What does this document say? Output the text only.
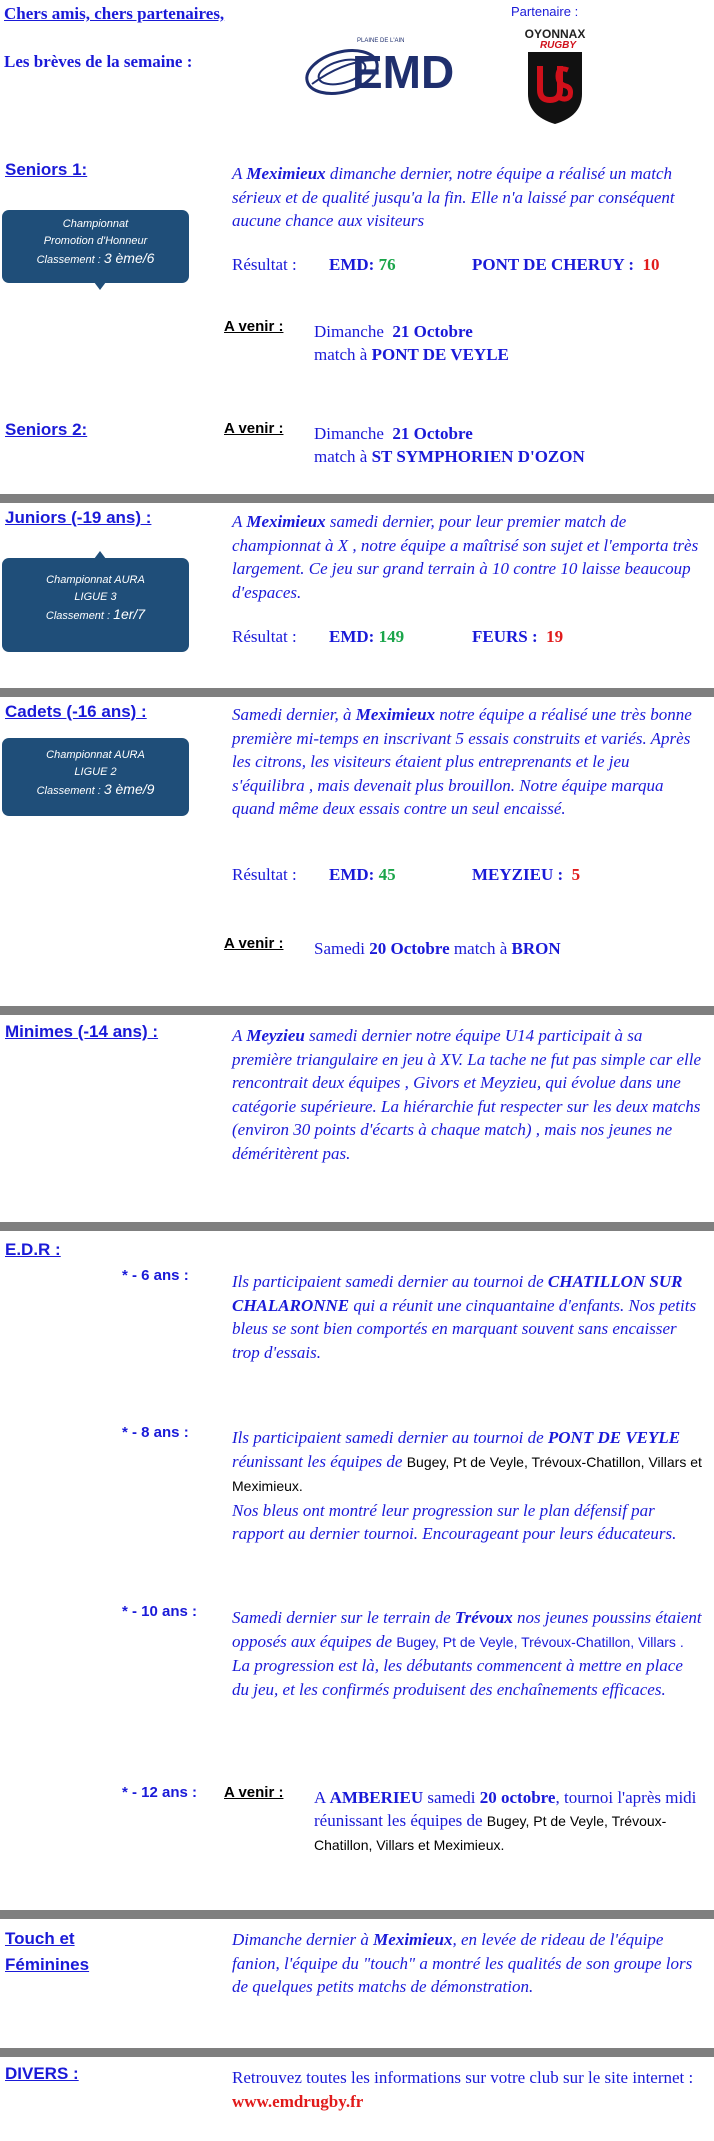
Chers amis, chers partenaires,
Les brèves de la semaine :
PLAINE DE L'AIN
EMD
Partenaire :
OYONNAX
RUGBY
Seniors 1:
Championnat
Promotion d'Honneur
Classement : 3 ème/6
A Meximieux dimanche dernier, notre équipe a réalisé un match sérieux et de qualité jusqu'a la fin. Elle n'a laissé par conséquent aucune chance aux visiteurs
Résultat : EMD: 76	PONT DE CHERUY : 10
A venir : Dimanche 21 Octobre
match à PONT DE VEYLE
Seniors 2:	A venir : Dimanche 21 Octobre
match à ST SYMPHORIEN D'OZON
Juniors (-19 ans) :
Championnat AURA
LIGUE 3
Classement : 1er/7
A Meximieux samedi dernier, pour leur premier match de championnat à X , notre équipe a maîtrisé son sujet et l'emporta très largement. Ce jeu sur grand terrain à 10 contre 10 laisse beaucoup d'espaces.
Résultat : EMD: 149	FEURS : 19
Cadets (-16 ans) :
Championnat AURA
LIGUE 2
Classement : 3 ème/9
Samedi dernier, à Meximieux notre équipe a réalisé une très bonne première mi-temps en inscrivant 5 essais construits et variés. Après les citrons, les visiteurs étaient plus entreprenants et le jeu s'équilibra , mais devenait plus brouillon. Notre équipe marqua quand même deux essais contre un seul encaissé.
Résultat : EMD: 45	MEYZIEU : 5
A venir : Samedi 20 Octobre match à BRON
Minimes (-14 ans) :	A Meyzieu samedi dernier notre équipe U14 participait à sa première triangulaire en jeu à XV. La tache ne fut pas simple car elle rencontrait deux équipes , Givors et Meyzieu, qui évolue dans une catégorie supérieure. La hiérarchie fut respecter sur les deux matchs (environ 30 points d'écarts à chaque match) , mais nos jeunes ne déméritèrent pas.
E.D.R :
* - 6 ans :	Ils participaient samedi dernier au tournoi de CHATILLON SUR CHALARONNE qui a réunit une cinquantaine d'enfants. Nos petits bleus se sont bien comportés en marquant souvent sans encaisser trop d'essais.
* - 8 ans :	Ils participaient samedi dernier au tournoi de PONT DE VEYLE réunissant les équipes de Bugey, Pt de Veyle, Trévoux-Chatillon, Villars et Meximieux.
Nos bleus ont montré leur progression sur le plan défensif par rapport au dernier tournoi. Encourageant pour leurs éducateurs.
* - 10 ans : Samedi dernier sur le terrain de Trévoux nos jeunes poussins étaient opposés aux équipes de Bugey, Pt de Veyle, Trévoux-Chatillon, Villars .
La progression est là, les débutants commencent à mettre en place du jeu, et les confirmés produisent des enchaînements efficaces.
* - 12 ans : A venir : A AMBERIEU samedi 20 octobre, tournoi l'après midi réunissant les équipes de Bugey, Pt de Veyle, Trévoux-Chatillon, Villars et Meximieux.
Touch et
Féminines
Dimanche dernier à Meximieux, en levée de rideau de l'équipe fanion, l'équipe du "touch" a montré les qualités de son groupe lors de quelques petits matchs de démonstration.
DIVERS :	Retrouvez toutes les informations sur votre club sur le site internet : www.emdrugby.fr
